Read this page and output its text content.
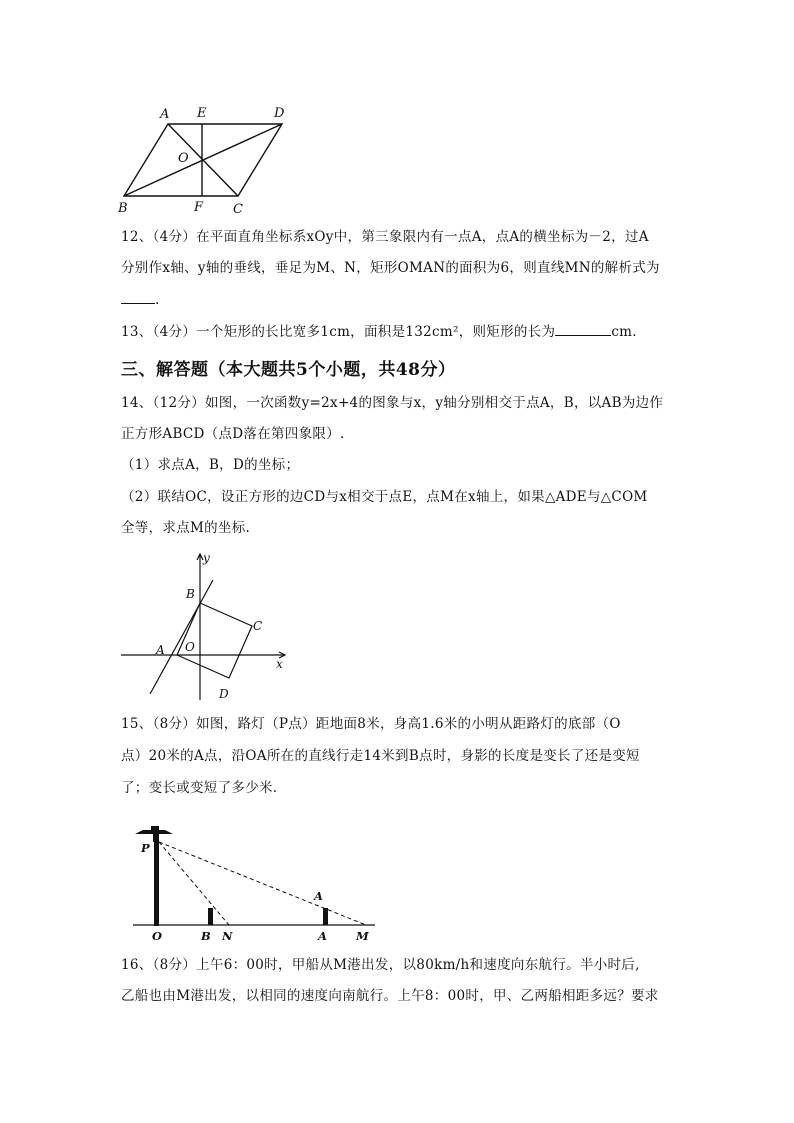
A E	D
O
B	F C
12、（4分）在平面直角坐标系xOy中，第三象限内有一点A，点A的横坐标为－2，过A
分别作x轴、y轴的垂线，垂足为M、N，矩形OMAN的面积为6，则直线MN的解析式为
.
13、（4分）一个矩形的长比宽多1cm，面积是132cm²，则矩形的长为	cm.
三、解答题（本大题共5个小题，共48分）
14、（12分）如图，一次函数y=2x+4的图象与x，y轴分别相交于点A，B，以AB为边作
正方形ABCD（点D落在第四象限）.
（1）求点A，B，D的坐标；
（2）联结OC，设正方形的边CD与x相交于点E，点M在x轴上，如果△ADE与△COM
全等，求点M的坐标.
y
x
B
C
A O
D
15、（8分）如图，路灯（P点）距地面8米，身高1.6米的小明从距路灯的底部（O
点）20米的A点，沿OA所在的直线行走14米到B点时，身影的长度是变长了还是变短
了；变长或变短了多少米.
P
A
O	B N	A	M
16、（8分）上午6：00时，甲船从M港出发，以80km/h和速度向东航行。半小时后,
乙船也由M港出发，以相同的速度向南航行。上午8：00时，甲、乙两船相距多远？要求
